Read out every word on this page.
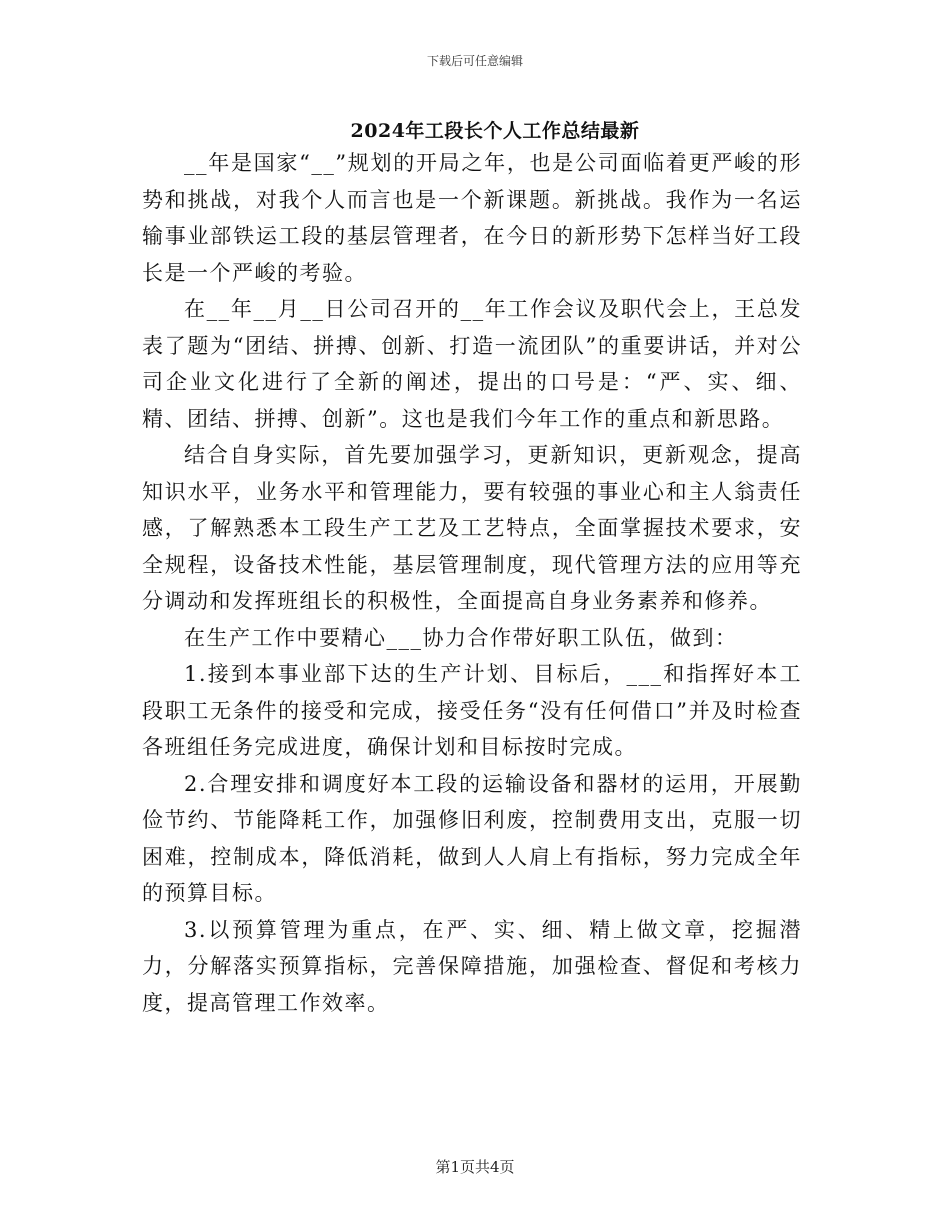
下载后可任意编辑
2024年工段长个人工作总结最新

__年是国家“__”规划的开局之年，也是公司面临着更严峻的形势和挑战，对我个人而言也是一个新课题。新挑战。我作为一名运输事业部铁运工段的基层管理者，在今日的新形势下怎样当好工段长是一个严峻的考验。

在__年__月__日公司召开的__年工作会议及职代会上，王总发表了题为“团结、拼搏、创新、打造一流团队”的重要讲话，并对公司企业文化进行了全新的阐述，提出的口号是：“严、实、细、精、团结、拼搏、创新”。这也是我们今年工作的重点和新思路。

结合自身实际，首先要加强学习，更新知识，更新观念，提高知识水平，业务水平和管理能力，要有较强的事业心和主人翁责任感，了解熟悉本工段生产工艺及工艺特点，全面掌握技术要求，安全规程，设备技术性能，基层管理制度，现代管理方法的应用等充分调动和发挥班组长的积极性，全面提高自身业务素养和修养。

在生产工作中要精心___协力合作带好职工队伍，做到：

1.接到本事业部下达的生产计划、目标后，___和指挥好本工段职工无条件的接受和完成，接受任务“没有任何借口”并及时检查各班组任务完成进度，确保计划和目标按时完成。

2.合理安排和调度好本工段的运输设备和器材的运用，开展勤俭节约、节能降耗工作，加强修旧利废，控制费用支出，克服一切困难，控制成本，降低消耗，做到人人肩上有指标，努力完成全年的预算目标。

3.以预算管理为重点，在严、实、细、精上做文章，挖掘潜力，分解落实预算指标，完善保障措施，加强检查、督促和考核力度，提高管理工作效率。

第1页共4页
